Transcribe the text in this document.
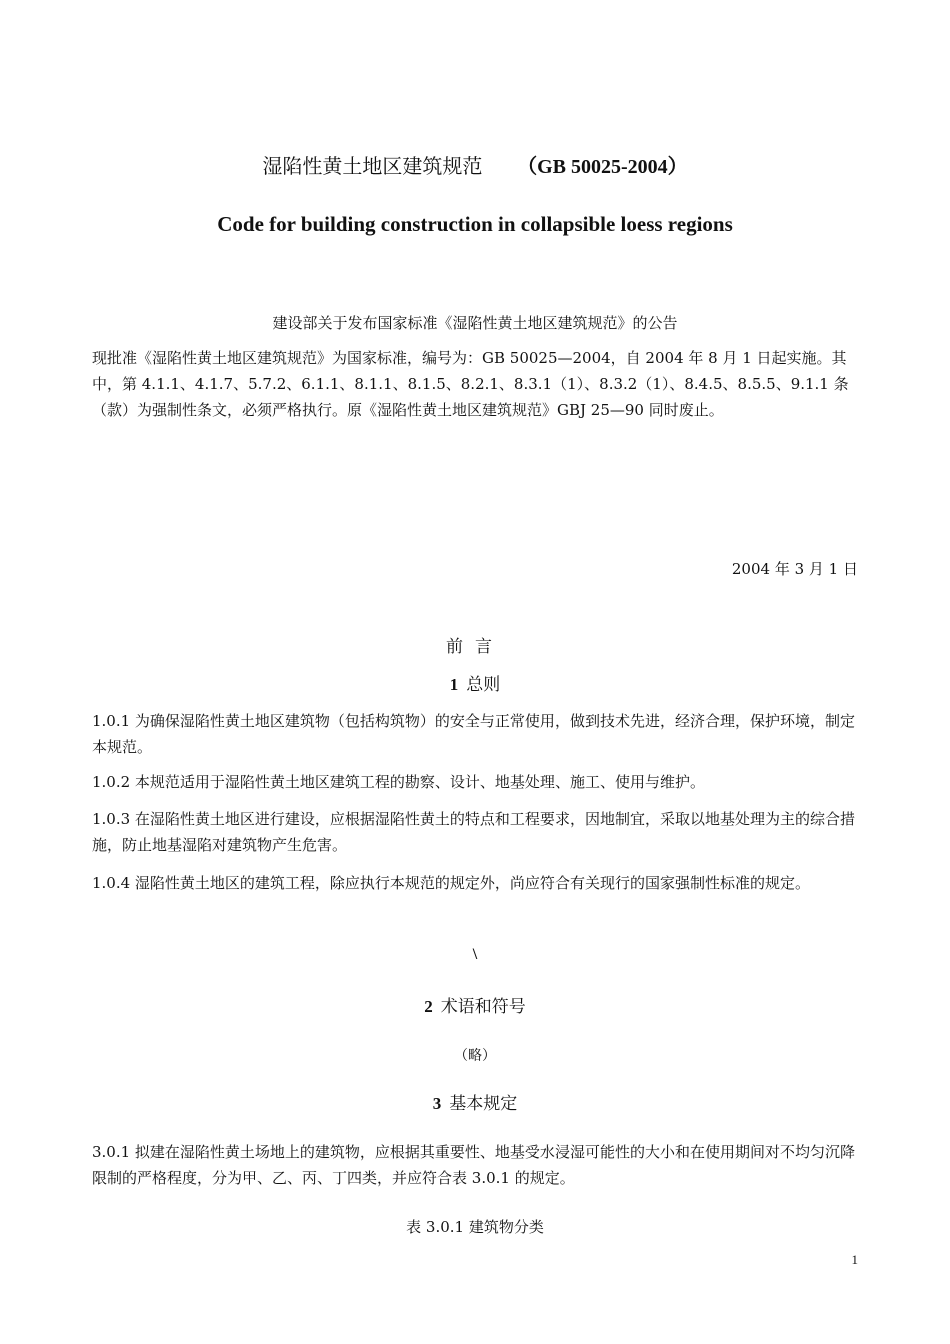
湿陷性黄土地区建筑规范 （GB 50025-2004）
Code for building construction in collapsible loess regions
建设部关于发布国家标准《湿陷性黄土地区建筑规范》的公告
现批准《湿陷性黄土地区建筑规范》为国家标准，编号为：GB 50025—2004，自 2004 年 8 月 1 日起实施。其中，第 4.1.1、4.1.7、5.7.2、6.1.1、8.1.1、8.1.5、8.2.1、8.3.1（1）、8.3.2（1）、8.4.5、8.5.5、9.1.1 条（款）为强制性条文，必须严格执行。原《湿陷性黄土地区建筑规范》GBJ 25—90 同时废止。
2004 年 3 月 1 日
前言
1 总则
1.0.1 为确保湿陷性黄土地区建筑物（包括构筑物）的安全与正常使用，做到技术先进，经济合理，保护环境，制定本规范。
1.0.2 本规范适用于湿陷性黄土地区建筑工程的勘察、设计、地基处理、施工、使用与维护。
1.0.3 在湿陷性黄土地区进行建设，应根据湿陷性黄土的特点和工程要求，因地制宜，采取以地基处理为主的综合措施，防止地基湿陷对建筑物产生危害。
1.0.4 湿陷性黄土地区的建筑工程，除应执行本规范的规定外，尚应符合有关现行的国家强制性标准的规定。
\
2 术语和符号
（略）
3 基本规定
3.0.1 拟建在湿陷性黄土场地上的建筑物，应根据其重要性、地基受水浸湿可能性的大小和在使用期间对不均匀沉降限制的严格程度，分为甲、乙、丙、丁四类，并应符合表 3.0.1 的规定。
表 3.0.1 建筑物分类
1
